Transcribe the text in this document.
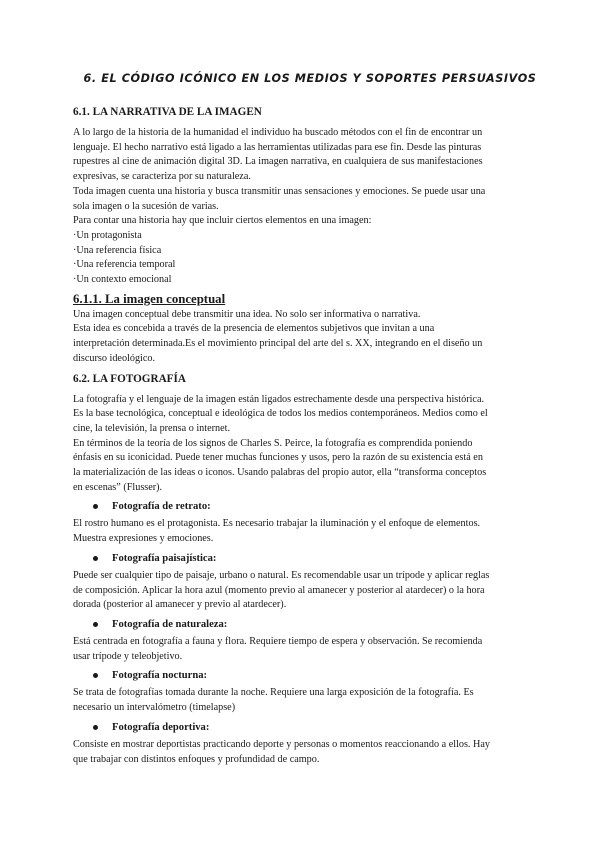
6. EL CÓDIGO ICÓNICO EN LOS MEDIOS Y SOPORTES PERSUASIVOS
6.1. LA NARRATIVA DE LA IMAGEN

A lo largo de la historia de la humanidad el individuo ha buscado métodos con el fin de encontrar un

lenguaje. El hecho narrativo está ligado a las herramientas utilizadas para ese fin. Desde las pinturas

rupestres al cine de animación digital 3D. La imagen narrativa, en cualquiera de sus manifestaciones

expresivas, se caracteriza por su naturaleza.

Toda imagen cuenta una historia y busca transmitir unas sensaciones y emociones. Se puede usar una

sola imagen o la sucesión de varias.

Para contar una historia hay que incluir ciertos elementos en una imagen:

·Un protagonista

·Una referencia física

·Una referencia temporal

·Un contexto emocional

6.1.1. La imagen conceptual

Una imagen conceptual debe transmitir una idea. No solo ser informativa o narrativa.

Esta idea es concebida a través de la presencia de elementos subjetivos que invitan a una

interpretación determinada.Es el movimiento principal del arte del s. XX, integrando en el diseño un

discurso ideológico.

6.2. LA FOTOGRAFÍA

La fotografía y el lenguaje de la imagen están ligados estrechamente desde una perspectiva histórica.

Es la base tecnológica, conceptual e ideológica de todos los medios contemporáneos. Medios como el

cine, la televisión, la prensa o internet.

En términos de la teoría de los signos de Charles S. Peirce, la fotografía es comprendida poniendo

énfasis en su iconicidad. Puede tener muchas funciones y usos, pero la razón de su existencia está en

la materialización de las ideas o iconos. Usando palabras del propio autor, ella “transforma conceptos

en escenas” (Flusser).

Fotografía de retrato:

El rostro humano es el protagonista. Es necesario trabajar la iluminación y el enfoque de elementos.

Muestra expresiones y emociones.

Fotografía paisajística:

Puede ser cualquier tipo de paisaje, urbano o natural. Es recomendable usar un trípode y aplicar reglas

de composición. Aplicar la hora azul (momento previo al amanecer y posterior al atardecer) o la hora

dorada (posterior al amanecer y previo al atardecer).

Fotografía de naturaleza:

Está centrada en fotografía a fauna y flora. Requiere tiempo de espera y observación. Se recomienda

usar trípode y teleobjetivo.

Fotografía nocturna:

Se trata de fotografías tomada durante la noche. Requiere una larga exposición de la fotografía. Es

necesario un intervalómetro (timelapse)

Fotografía deportiva:

Consiste en mostrar deportistas practicando deporte y personas o momentos reaccionando a ellos. Hay

que trabajar con distintos enfoques y profundidad de campo.
